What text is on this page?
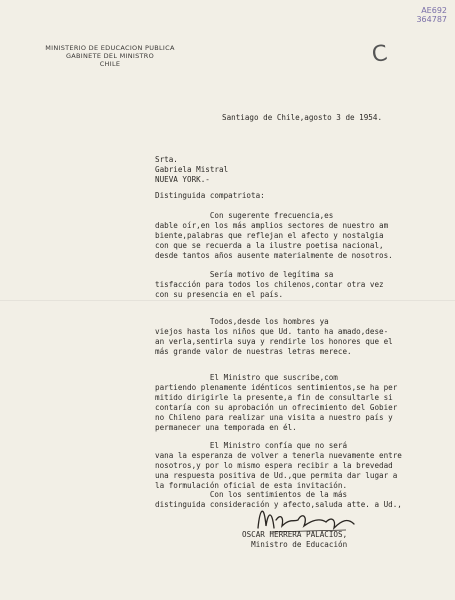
AE692
364787
MINISTERIO DE EDUCACION PUBLICA
GABINETE DEL MINISTRO
CHILE	C
Santiago de Chile,agosto 3 de 1954.
Srta.
Gabriela Mistral
NUEVA YORK.-
Distinguida compatriota:
Con sugerente frecuencia,es
dable oír,en los más amplios sectores de nuestro am
biente,palabras que reflejan el afecto y nostalgia
con que se recuerda a la ilustre poetisa nacional,
desde tantos años ausente materialmente de nosotros.
Sería motivo de legítima sa
tisfacción para todos los chilenos,contar otra vez
con su presencia en el país.
Todos,desde los hombres ya
viejos hasta los niños que Ud. tanto ha amado,dese-
an verla,sentirla suya y rendirle los honores que el
más grande valor de nuestras letras merece.
El Ministro que suscribe,com
partiendo plenamente idénticos sentimientos,se ha per
mitido dirigirle la presente,a fin de consultarle si
contaría con su aprobación un ofrecimiento del Gobier
no Chileno para realizar una visita a nuestro país y
permanecer una temporada en él.
El Ministro confía que no será
vana la esperanza de volver a tenerla nuevamente entre
nosotros,y por lo mismo espera recibir a la brevedad
una respuesta positiva de Ud.,que permita dar lugar a
la formulación oficial de esta invitación.
Con los sentimientos de la más
distinguida consideración y afecto,saluda atte. a Ud.,
OSCAR HERRERA PALACIOS,
Ministro de Educación
